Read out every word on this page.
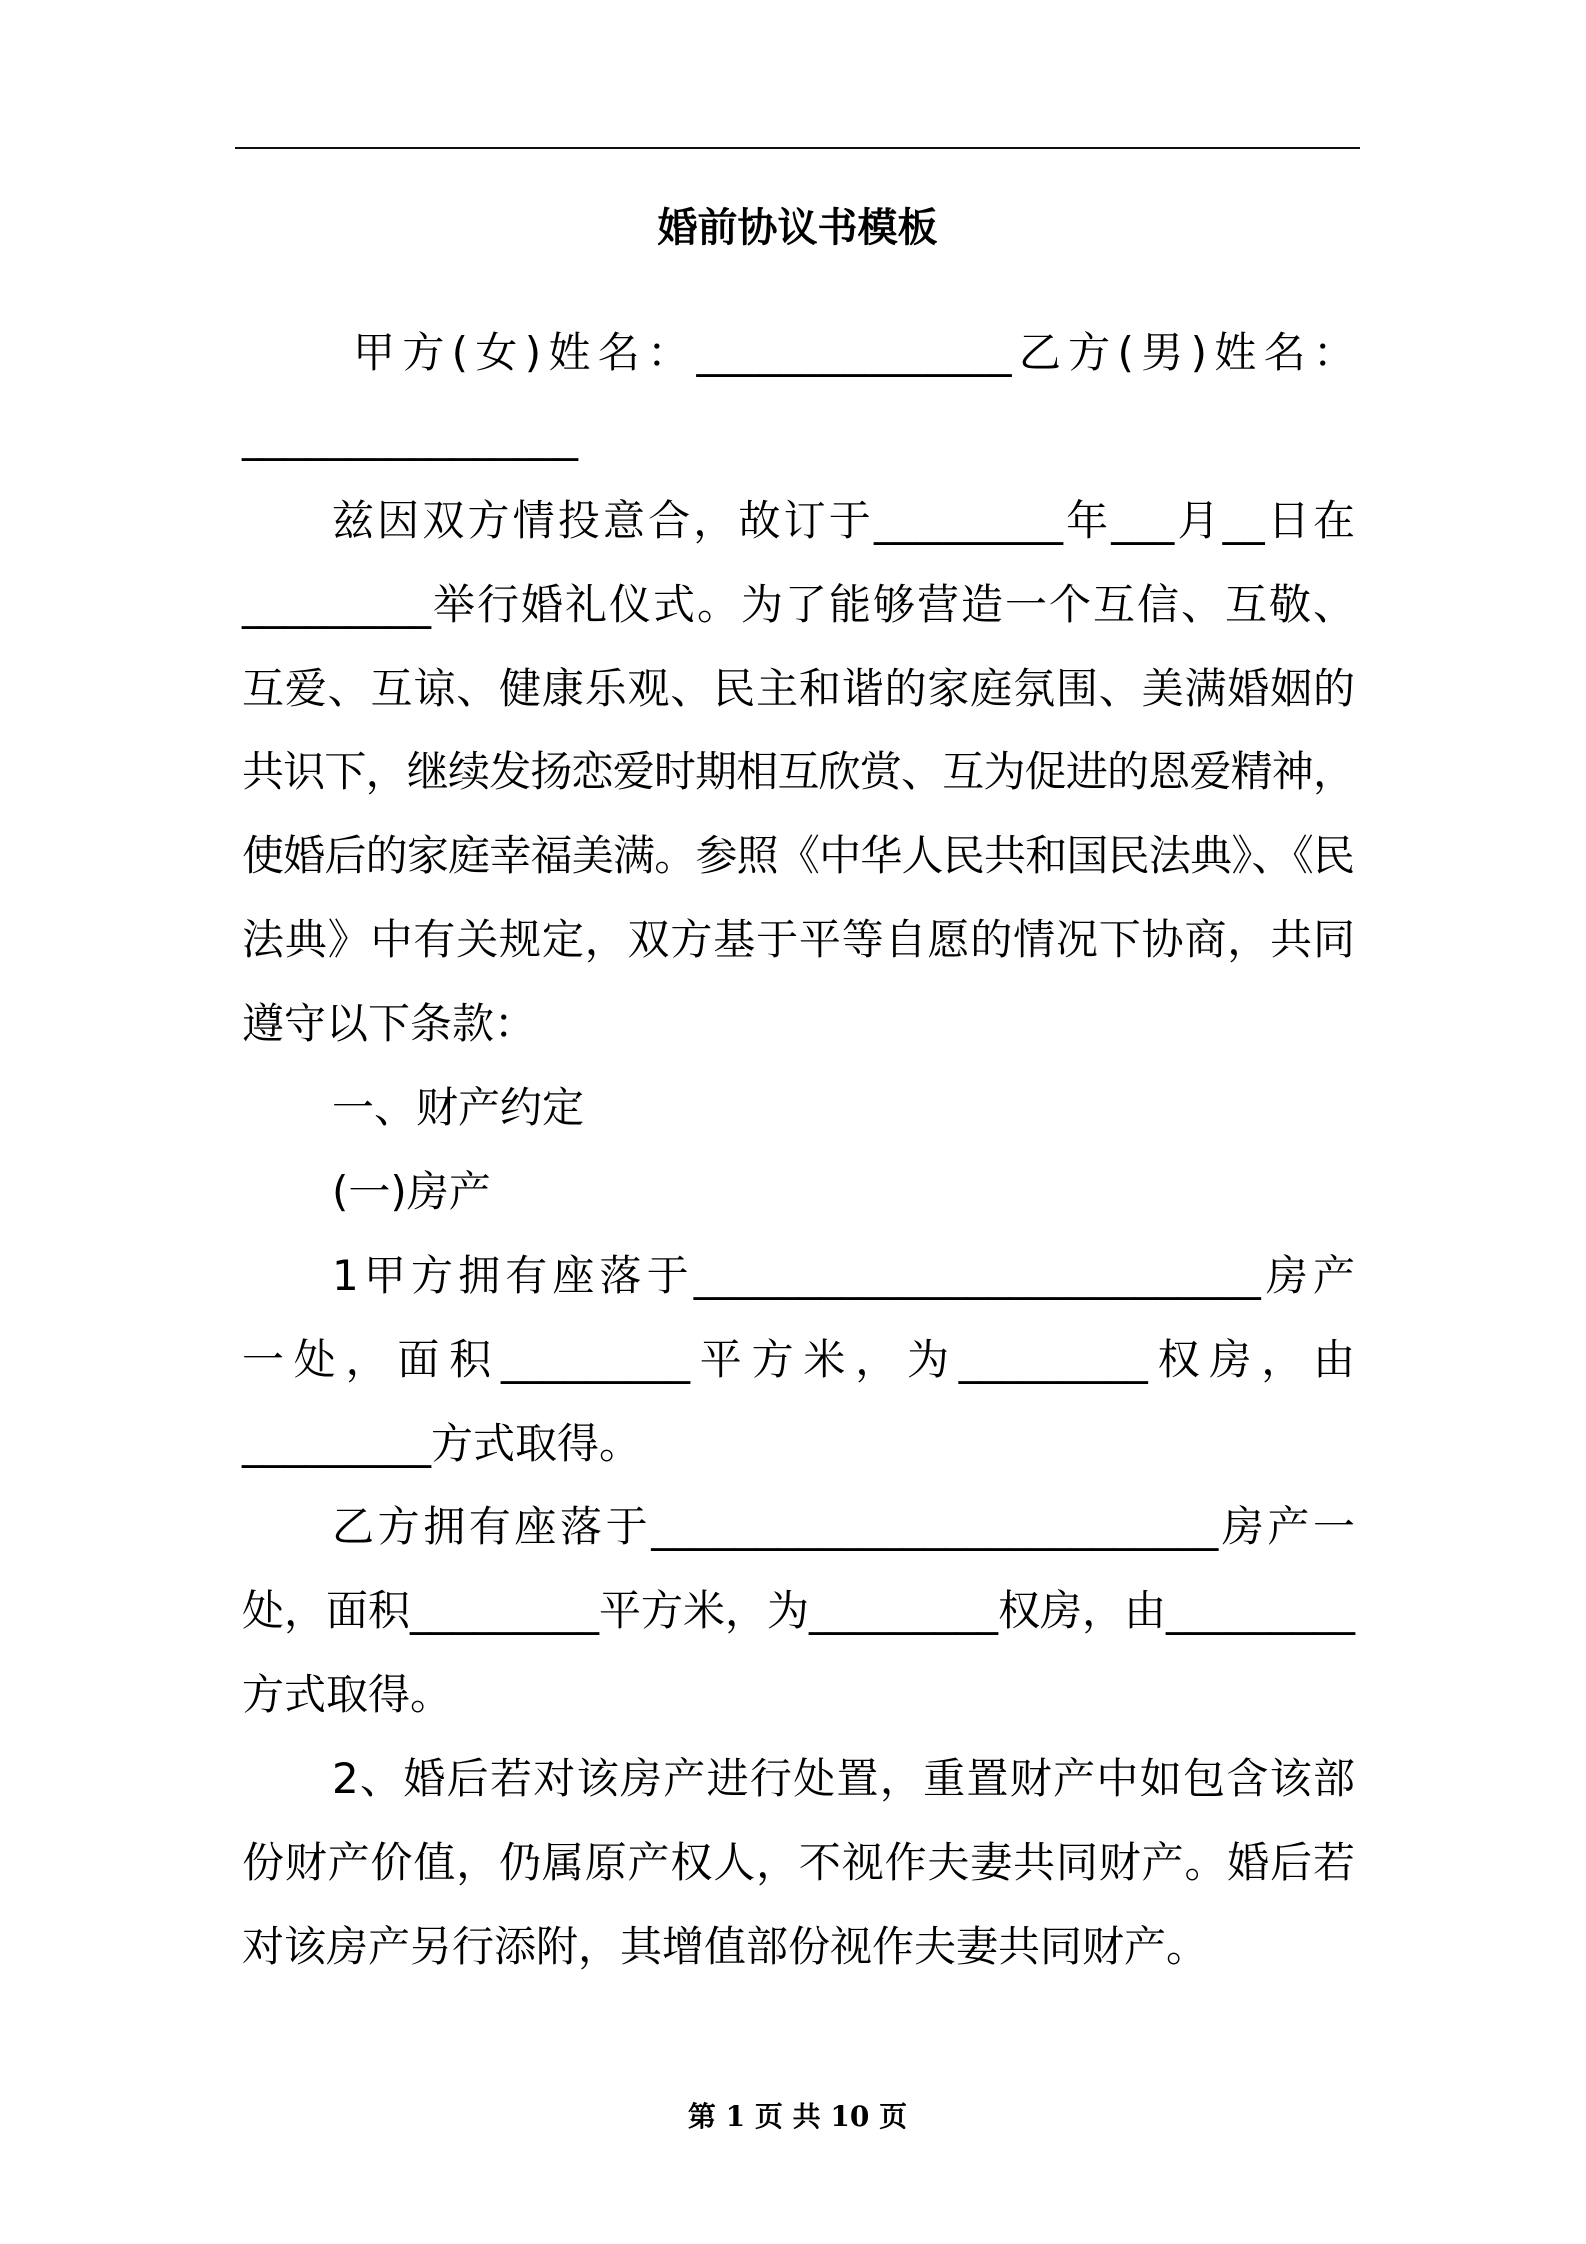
婚前协议书模板
甲方(女)姓名：_______________ 乙方(男)姓名：
________________
兹因双方情投意合，故订于_________年___月__日在
_________举行婚礼仪式。为了能够营造一个互信、互敬、
互爱、互谅、健康乐观、民主和谐的家庭氛围、美满婚姻的
共识下，继续发扬恋爱时期相互欣赏、互为促进的恩爱精神，
使婚后的家庭幸福美满。参照《中华人民共和国民法典》、《民
法典》中有关规定，双方基于平等自愿的情况下协商，共同
遵守以下条款：
一、财产约定
(一)房产
1甲方拥有座落于___________________________ 房产
一处，面积_________ 平方米，为_________ 权房，由
_________方式取得。
乙方拥有座落于___________________________房产一
处，面积_________平方米，为_________权房，由_________
方式取得。
2、婚后若对该房产进行处置，重置财产中如包含该部
份财产价值，仍属原产权人，不视作夫妻共同财产。婚后若
对该房产另行添附，其增值部份视作夫妻共同财产。
第 1 页 共 10 页
